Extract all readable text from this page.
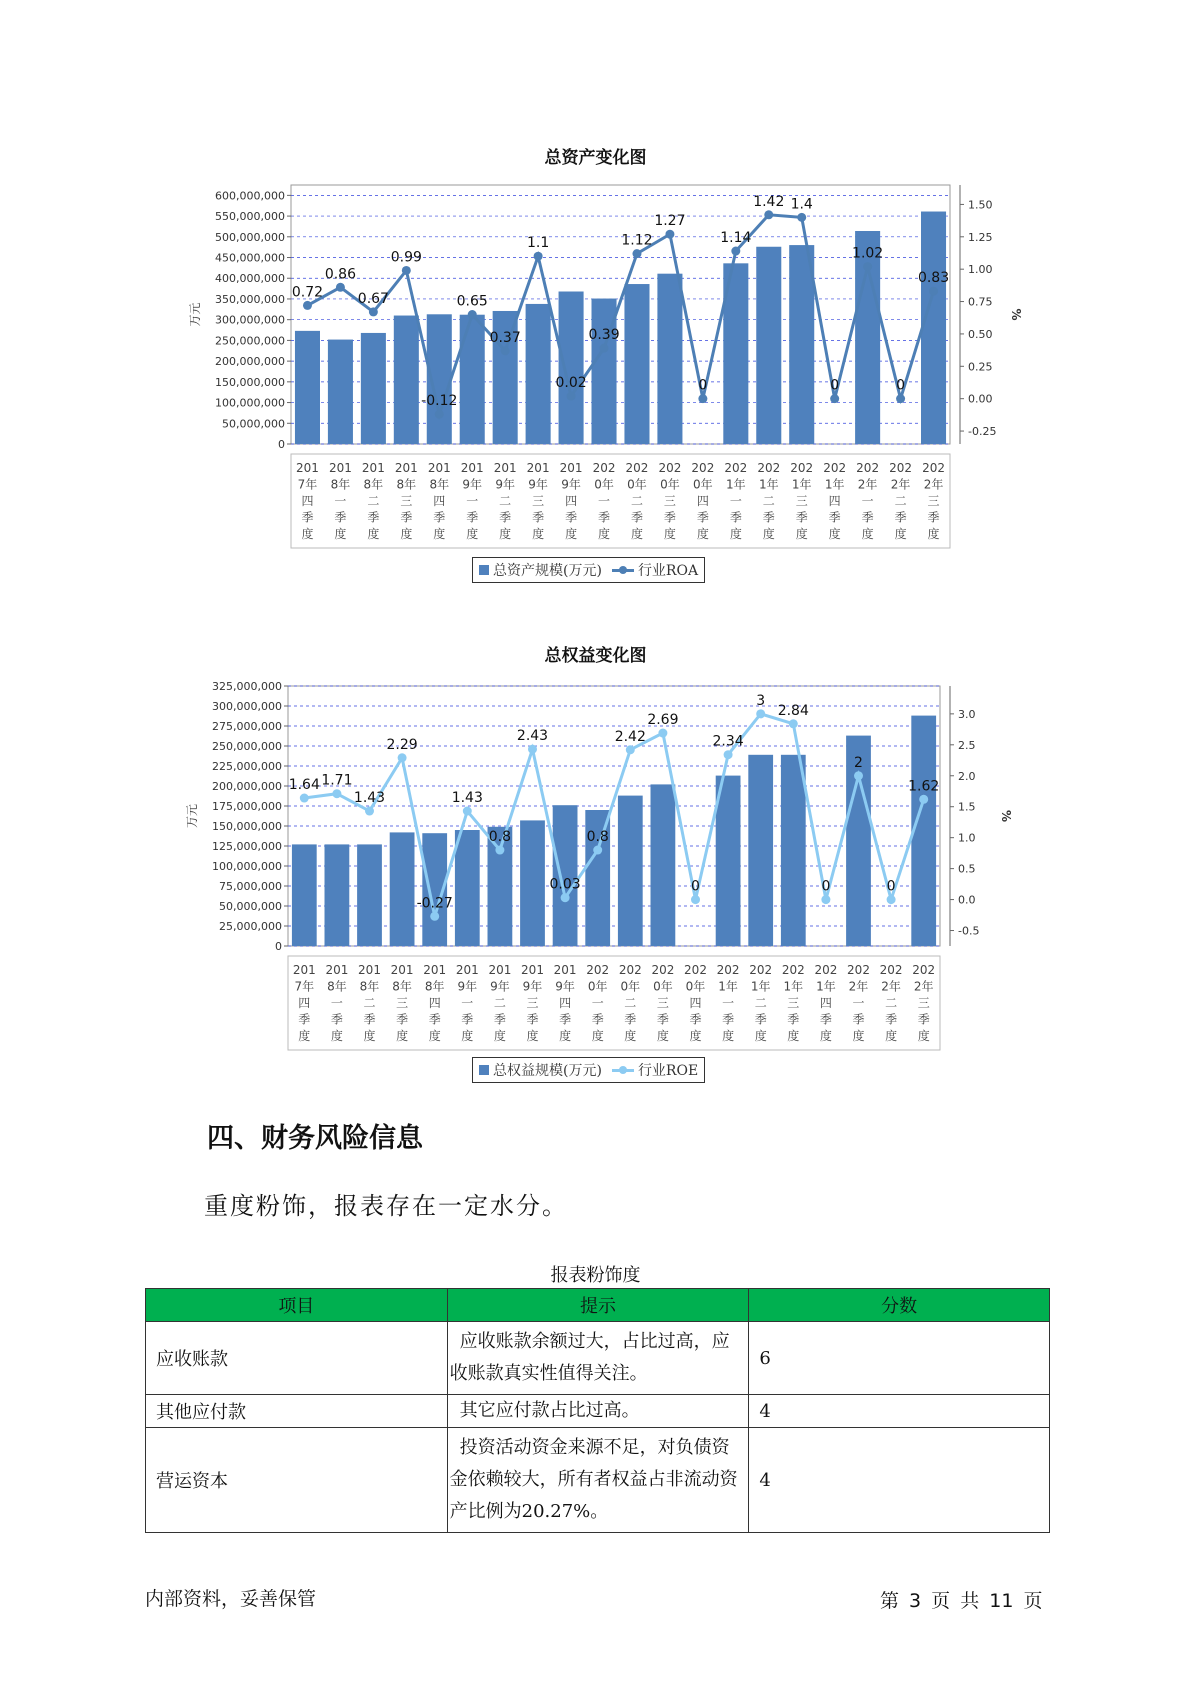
总资产变化图
0
50,000,000
100,000,000
150,000,000
200,000,000
250,000,000
300,000,000
350,000,000
400,000,000
450,000,000
500,000,000
550,000,000
600,000,000
-0.25
0.00
0.25
0.50
0.75
1.00
1.25
1.50
万元	%
0.72
0.86
0.67
0.99
-0.12
0.65
0.37
1.1
0.02
0.39
1.12
1.27
0
1.14
1.42 1.4
0
1.02
0
0.83
201 7年四季度
201 8年一季度
201 8年二季度
201 8年三季度
201 8年四季度
201 9年一季度
201 9年二季度
201 9年三季度
201 9年四季度
202 0年一季度
202 0年二季度
202 0年三季度
202 0年四季度
202 1年一季度
202 1年二季度
202 1年三季度
202 1年四季度
202 2年一季度
202 2年二季度
202 2年三季度
总资产规模(万元)	行业ROA
总权益变化图
0
25,000,000
50,000,000
75,000,000
100,000,000
125,000,000
150,000,000
175,000,000
200,000,000
225,000,000
250,000,000
275,000,000
300,000,000
325,000,000
-0.5
0.0
0.5
1.0
1.5
2.0
2.5
3.0
万元	%
1.64 1.71
1.43
2.29
-0.27
1.43
0.8
2.43
0.03
0.8
2.42
2.69
0
2.34
3
2.84
0
2
0
1.62
201 7年四季度
201 8年一季度
201 8年二季度
201 8年三季度
201 8年四季度
201 9年一季度
201 9年二季度
201 9年三季度
201 9年四季度
202 0年一季度
202 0年二季度
202 0年三季度
202 0年四季度
202 1年一季度
202 1年二季度
202 1年三季度
202 1年四季度
202 2年一季度
202 2年二季度
202 2年三季度
总权益规模(万元)	行业ROE
四、财务风险信息
重度粉饰，报表存在一定水分。
报表粉饰度
项目	提示	分数
应收账款	应收账款余额过大，占比过高，应收账款真实性值得关注。	6
其他应付款	其它应付款占比过高。	4
营运资本	投资活动资金来源不足，对负债资金依赖较大，所有者权益占非流动资产比例为20.27%。	4
内部资料，妥善保管	第 3 页 共 11 页
